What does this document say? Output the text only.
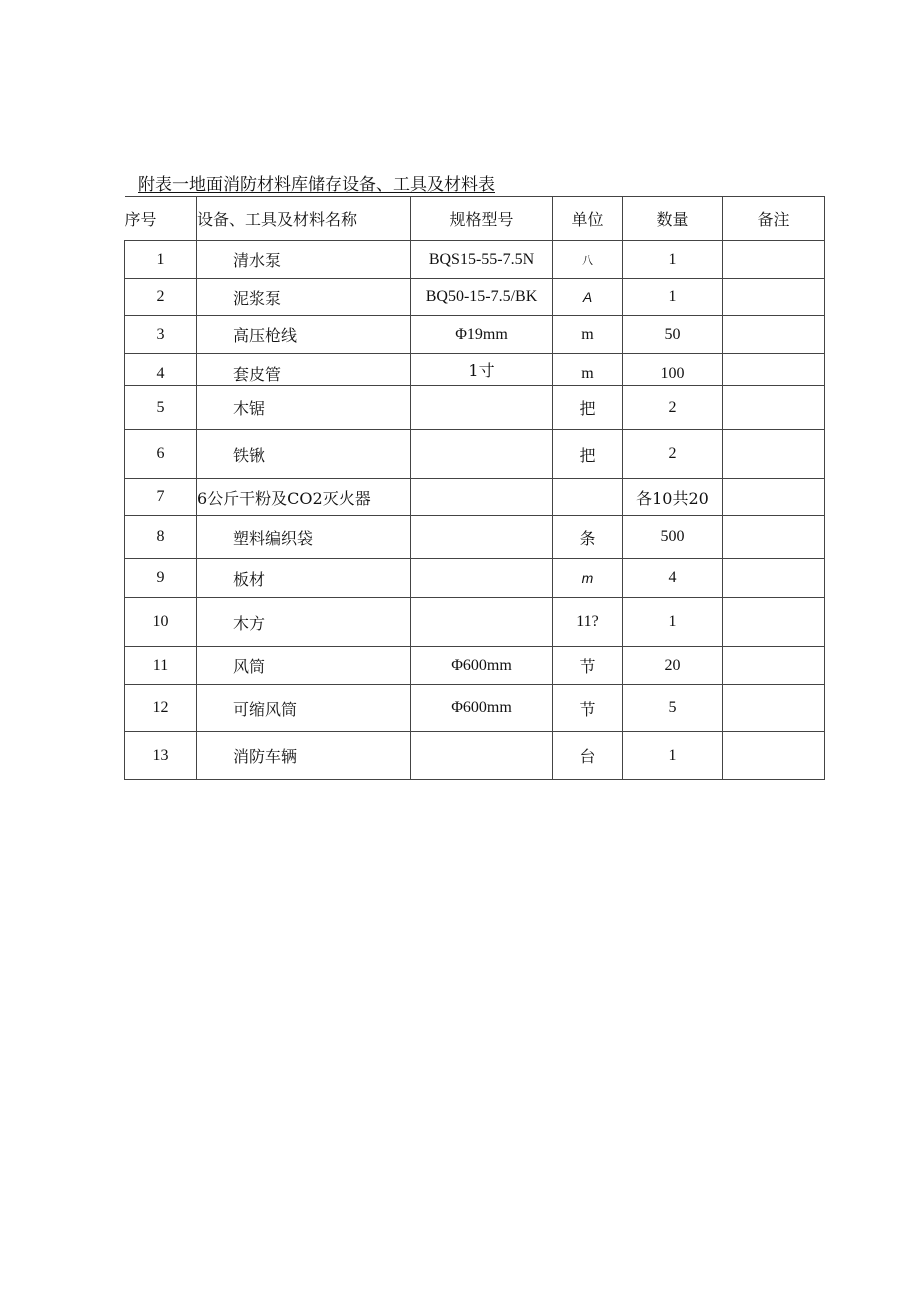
附表一地面消防材料库储存设备、工具及材料表
序号	设备、工具及材料名称	规格型号	单位	数量	备注
1	清水泵	BQS15-55-7.5N	八	1	
2	泥浆泵	BQ50-15-7.5/BK	A	1	
3	高压枪线	Φ19mm	m	50	
4	套皮管	1寸	m	100	
5	木锯		把	2	
6	铁锹		把	2	
7	6公斤干粉及CO2灭火器			各10共20	
8	塑料编织袋		条	500	
9	板材		m	4	
10	木方		11?	1	
11	风筒	Φ600mm	节	20	
12	可缩风筒	Φ600mm	节	5	
13	消防车辆		台	1	
